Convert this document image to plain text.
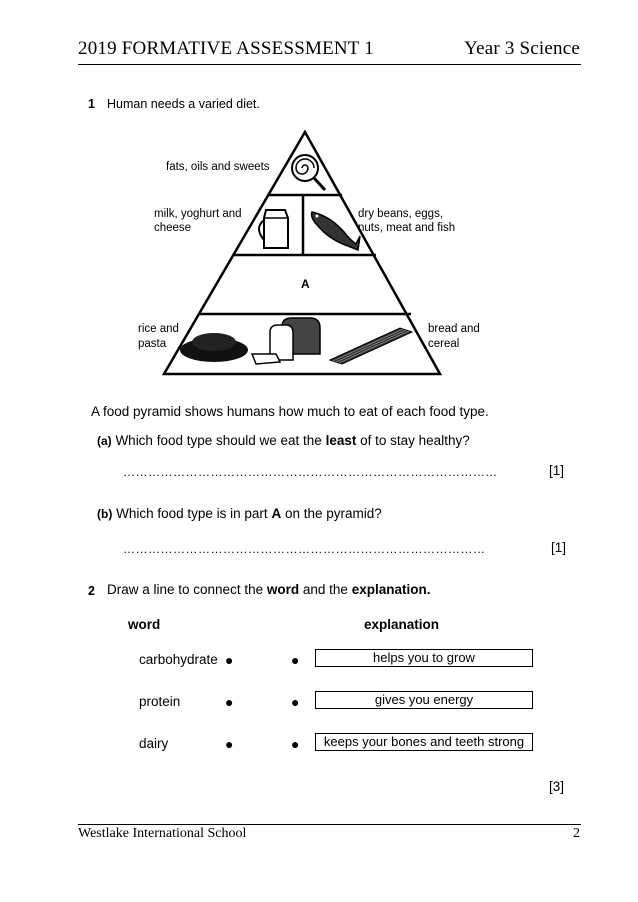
2019 FORMATIVE ASSESSMENT 1	Year 3 Science
1 Human needs a varied diet.
fats, oils and sweets
milk, yoghurt and
cheese
dry beans, eggs,
nuts, meat and fish
A
rice and
pasta
bread and
cereal
A food pyramid shows humans how much to eat of each food type.
(a) Which food type should we eat the least of to stay healthy?
……………………………………………………………………………...	[1]
(b) Which food type is in part A on the pyramid?
……………………………………………………………………………	[1]
2 Draw a line to connect the word and the explanation.
word	explanation
carbohydrate ●	●	helps you to grow
protein	●	●	gives you energy
dairy	●	●	keeps your bones and teeth strong
[3]
Westlake International School	2
